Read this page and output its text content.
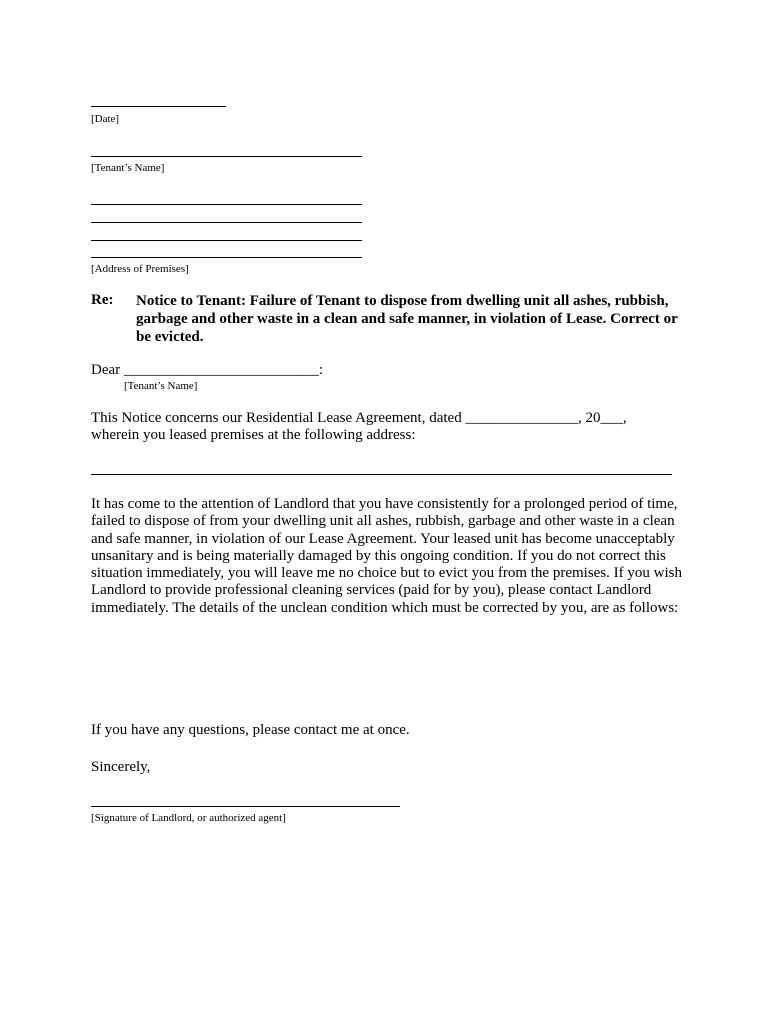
[Date]
[Tenant’s Name]
[Address of Premises]
Re: Notice to Tenant: Failure of Tenant to dispose from dwelling unit all ashes, rubbish, garbage and other waste in a clean and safe manner, in violation of Lease. Correct or be evicted.
Dear __________________________:
[Tenant’s Name]

This Notice concerns our Residential Lease Agreement, dated _______________, 20___, wherein you leased premises at the following address:

It has come to the attention of Landlord that you have consistently for a prolonged period of time, failed to dispose of from your dwelling unit all ashes, rubbish, garbage and other waste in a clean and safe manner, in violation of our Lease Agreement. Your leased unit has become unacceptably unsanitary and is being materially damaged by this ongoing condition. If you do not correct this situation immediately, you will leave me no choice but to evict you from the premises. If you wish Landlord to provide professional cleaning services (paid for by you), please contact Landlord immediately. The details of the unclean condition which must be corrected by you, are as follows:

If you have any questions, please contact me at once.
Sincerely,
[Signature of Landlord, or authorized agent]
